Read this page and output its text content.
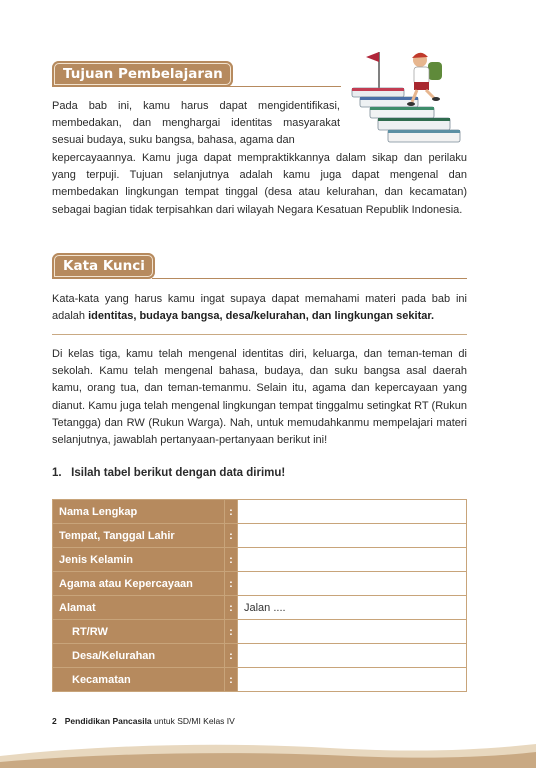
Tujuan Pembelajaran

Pada bab ini, kamu harus dapat mengidentifikasi, membedakan, dan menghargai identitas masyarakat sesuai budaya, suku bangsa, bahasa, agama dan

kepercayaannya. Kamu juga dapat mempraktikkannya dalam sikap dan perilaku yang terpuji. Tujuan selanjutnya adalah kamu juga dapat mengenal dan membedakan lingkungan tempat tinggal (desa atau kelurahan, dan kecamatan) sebagai bagian tidak terpisahkan dari wilayah Negara Kesatuan Republik Indonesia.

Kata Kunci

Kata-kata yang harus kamu ingat supaya dapat memahami materi pada bab ini adalah identitas, budaya bangsa, desa/kelurahan, dan lingkungan sekitar.

Di kelas tiga, kamu telah mengenal identitas diri, keluarga, dan teman-teman di sekolah. Kamu telah mengenal bahasa, budaya, dan suku bangsa asal daerah kamu, orang tua, dan teman-temanmu. Selain itu, agama dan kepercayaan yang dianut. Kamu juga telah mengenal lingkungan tempat tinggalmu setingkat RT (Rukun Tetangga) dan RW (Rukun Warga). Nah, untuk memudahkanmu mempelajari materi selanjutnya, jawablah pertanyaan-pertanyaan berikut ini!

1.   Isilah tabel berikut dengan data dirimu!

Nama Lengkap	:	
Tempat, Tanggal Lahir	:	
Jenis Kelamin	:	
Agama atau Kepercayaan	:	
Alamat	:	Jalan ....
RT/RW	:	
Desa/Kelurahan	:	
Kecamatan	:	
2 Pendidikan Pancasila untuk SD/MI Kelas IV
